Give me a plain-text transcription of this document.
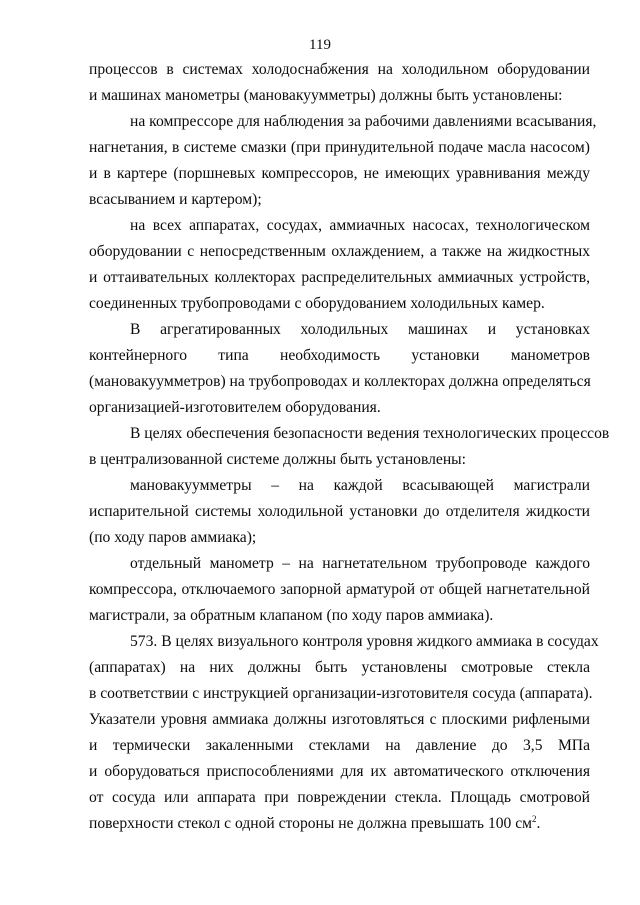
119

процессов в системах холодоснабжения на холодильном оборудовании
и машинах манометры (мановакуумметры) должны быть установлены:

на компрессоре для наблюдения за рабочими давлениями всасывания,
нагнетания, в системе смазки (при принудительной подаче масла насосом)
и в картере (поршневых компрессоров, не имеющих уравнивания между
всасыванием и картером);

на всех аппаратах, сосудах, аммиачных насосах, технологическом
оборудовании с непосредственным охлаждением, а также на жидкостных
и оттаивательных коллекторах распределительных аммиачных устройств,
соединенных трубопроводами с оборудованием холодильных камер.

В агрегатированных холодильных машинах и установках
контейнерного типа необходимость установки манометров
(мановакуумметров) на трубопроводах и коллекторах должна определяться
организацией-изготовителем оборудования.

В целях обеспечения безопасности ведения технологических процессов
в централизованной системе должны быть установлены:

мановакуумметры – на каждой всасывающей магистрали
испарительной системы холодильной установки до отделителя жидкости
(по ходу паров аммиака);

отдельный манометр – на нагнетательном трубопроводе каждого
компрессора, отключаемого запорной арматурой от общей нагнетательной
магистрали, за обратным клапаном (по ходу паров аммиака).

573. В целях визуального контроля уровня жидкого аммиака в сосудах
(аппаратах) на них должны быть установлены смотровые стекла
в соответствии с инструкцией организации-изготовителя сосуда (аппарата).
Указатели уровня аммиака должны изготовляться с плоскими рифлеными
и термически закаленными стеклами на давление до 3,5 МПа
и оборудоваться приспособлениями для их автоматического отключения
от сосуда или аппарата при повреждении стекла. Площадь смотровой
поверхности стекол с одной стороны не должна превышать 100 $см^2$.
